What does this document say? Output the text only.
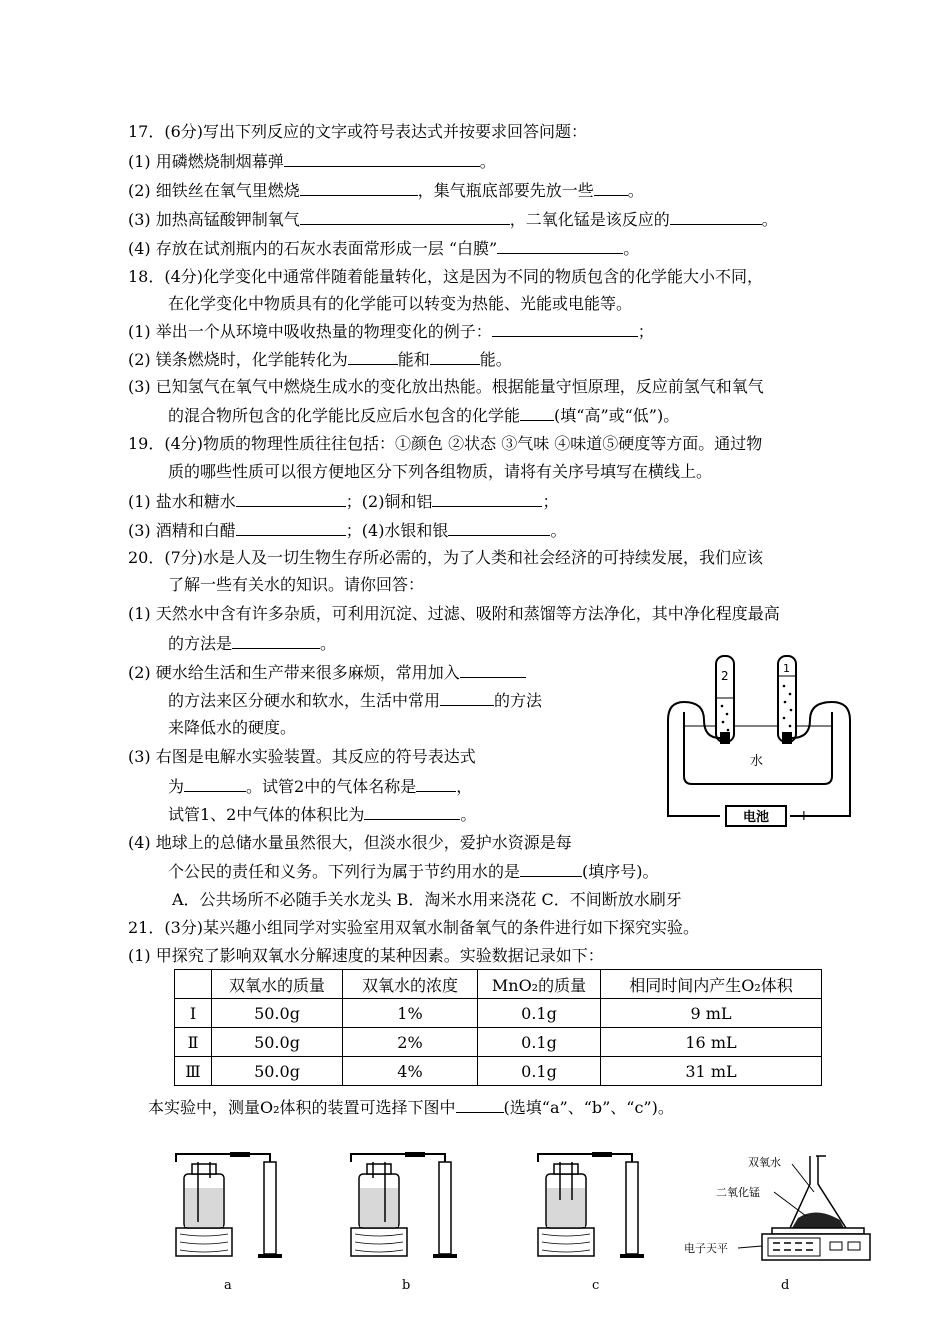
17．(6分)写出下列反应的文字或符号表达式并按要求回答问题：
(1) 用磷燃烧制烟幕弹	。
(2) 细铁丝在氧气里燃烧	，集气瓶底部要先放一些 。
(3) 加热高锰酸钾制氧气	，二氧化锰是该反应的	。
(4) 存放在试剂瓶内的石灰水表面常形成一层 “白膜”	。
18．(4分)化学变化中通常伴随着能量转化，这是因为不同的物质包含的化学能大小不同，
在化学变化中物质具有的化学能可以转变为热能、光能或电能等。
(1) 举出一个从环境中吸收热量的物理变化的例子：	；
(2) 镁条燃烧时，化学能转化为	能和	能。
(3) 已知氢气在氧气中燃烧生成水的变化放出热能。根据能量守恒原理，反应前氢气和氧气
的混合物所包含的化学能比反应后水包含的化学能 (填“高”或“低”)。
19．(4分)物质的物理性质往往包括：①颜色 ②状态 ③气味 ④味道⑤硬度等方面。通过物
质的哪些性质可以很方便地区分下列各组物质，请将有关序号填写在横线上。
(1) 盐水和糖水	；(2)铜和铝	；
(3) 酒精和白醋	；(4)水银和银	。
20．(7分)水是人及一切生物生存所必需的，为了人类和社会经济的可持续发展，我们应该
了解一些有关水的知识。请你回答：
(1) 天然水中含有许多杂质，可利用沉淀、过滤、吸附和蒸馏等方法净化，其中净化程度最高
的方法是	。
(2) 硬水给生活和生产带来很多麻烦，常用加入
的方法来区分硬水和软水，生活中常用	的方法
来降低水的硬度。
(3) 右图是电解水实验装置。其反应的符号表达式
为	。试管2中的气体名称是	，
试管1、2中气体的体积比为	。
(4) 地球上的总储水量虽然很大，但淡水很少，爱护水资源是每
个公民的责任和义务。下列行为属于节约用水的是	(填序号)。
A．公共场所不必随手关水龙头 B．淘米水用来浇花 C．不间断放水刷牙
电池
—	+
2
1
水
21．(3分)某兴趣小组同学对实验室用双氧水制备氧气的条件进行如下探究实验。
(1) 甲探究了影响双氧水分解速度的某种因素。实验数据记录如下：
	双氧水的质量	双氧水的浓度	MnO₂的质量	相同时间内产生O₂体积
Ⅰ	50.0g	1%	0.1g	9 mL
Ⅱ	50.0g	2%	0.1g	16 mL
Ⅲ	50.0g	4%	0.1g	31 mL
本实验中，测量O₂体积的装置可选择下图中	(选填“a”、“b”、“c”)。
双氧水
二氧化锰
电子天平
a	b	c	d
